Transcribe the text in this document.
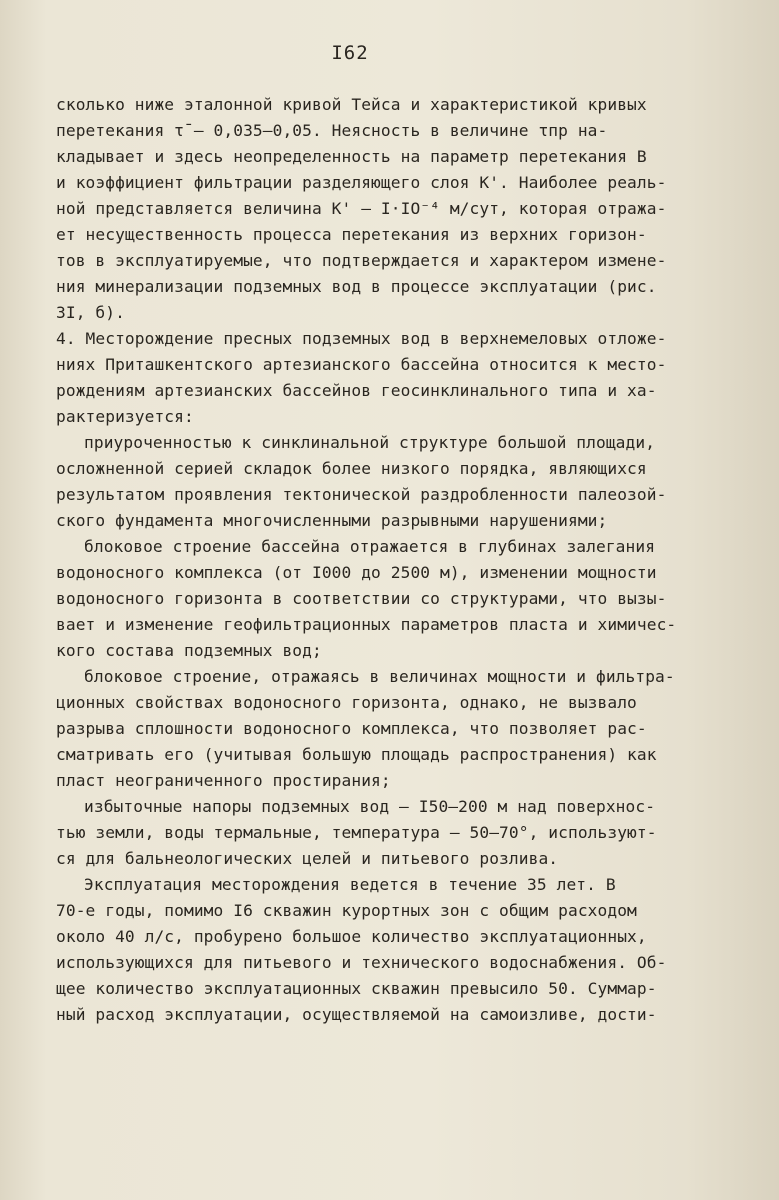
I62
сколько ниже эталонной кривой Тейса и характеристикой кривых
перетекания τ̄ – 0,035–0,05. Неясность в величине τпр на-
кладывает и здесь неопределенность на параметр перетекания В
и коэффициент фильтрации разделяющего слоя К'. Наиболее реаль-
ной представляется величина К' – I·IO⁻⁴ м/сут, которая отража-
ет несущественность процесса перетекания из верхних горизон-
тов в эксплуатируемые, что подтверждается и характером измене-
ния минерализации подземных вод в процессе эксплуатации (рис.
3I, б).
4. Месторождение пресных подземных вод в верхнемеловых отложе-
ниях Приташкентского артезианского бассейна относится к место-
рождениям артезианских бассейнов геосинклинального типа и ха-
рактеризуется:
приуроченностью к синклинальной структуре большой площади,
осложненной серией складок более низкого порядка, являющихся
результатом проявления тектонической раздробленности палеозой-
ского фундамента многочисленными разрывными нарушениями;
блоковое строение бассейна отражается в глубинах залегания
водоносного комплекса (от I000 до 2500 м), изменении мощности
водоносного горизонта в соответствии со структурами, что вызы-
вает и изменение геофильтрационных параметров пласта и химичес-
кого состава подземных вод;
блоковое строение, отражаясь в величинах мощности и фильтра-
ционных свойствах водоносного горизонта, однако, не вызвало
разрыва сплошности водоносного комплекса, что позволяет рас-
сматривать его (учитывая большую площадь распространения) как
пласт неограниченного простирания;
избыточные напоры подземных вод – I50–200 м над поверхнос-
тью земли, воды термальные, температура – 50–70°, используют-
ся для бальнеологических целей и питьевого розлива.
Эксплуатация месторождения ведется в течение 35 лет. В
70-е годы, помимо I6 скважин курортных зон с общим расходом
около 40 л/с, пробурено большое количество эксплуатационных,
использующихся для питьевого и технического водоснабжения. Об-
щее количество эксплуатационных скважин превысило 50. Суммар-
ный расход эксплуатации, осуществляемой на самоизливе, дости-
